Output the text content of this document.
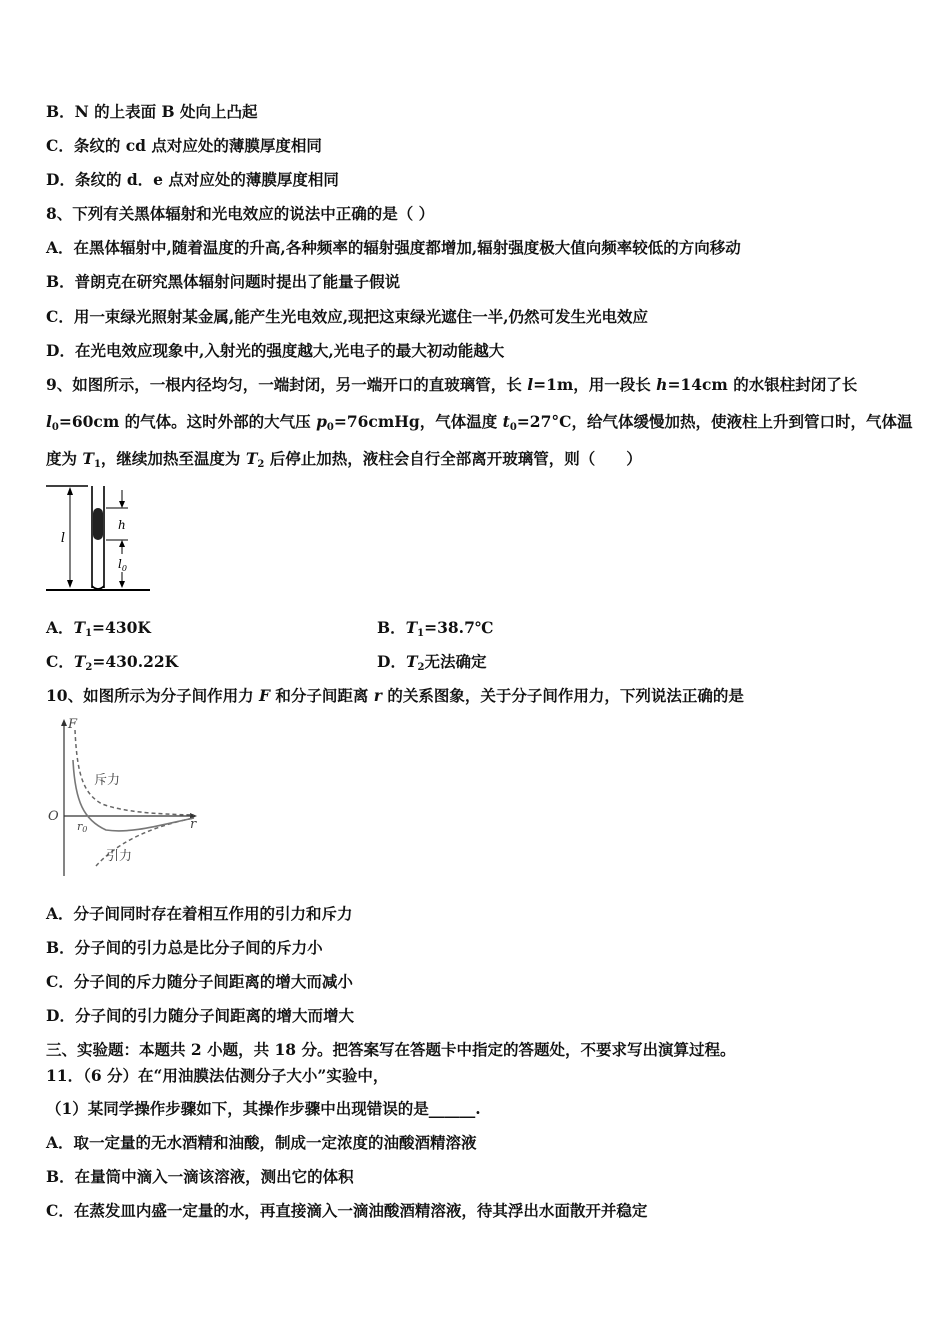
B．N 的上表面 B 处向上凸起
C．条纹的 cd 点对应处的薄膜厚度相同
D．条纹的 d．e 点对应处的薄膜厚度相同
8、下列有关黑体辐射和光电效应的说法中正确的是（ ）
A．在黑体辐射中,随着温度的升高,各种频率的辐射强度都增加,辐射强度极大值向频率较低的方向移动
B．普朗克在研究黑体辐射问题时提出了能量子假说
C．用一束绿光照射某金属,能产生光电效应,现把这束绿光遮住一半,仍然可发生光电效应
D．在光电效应现象中,入射光的强度越大,光电子的最大初动能越大
9、如图所示，一根内径均匀，一端封闭，另一端开口的直玻璃管，长 l=1m，用一段长 h=14cm 的水银柱封闭了长
$l_0=60cm$ 的气体。这时外部的大气压 $p_0=76cmHg$，气体温度 $t_0=27^\circ C$，给气体缓慢加热，使液柱上升到管口时，气体温
度为 $T_1$，继续加热至温度为 $T_2$ 后停止加热，液柱会自行全部离开玻璃管，则（　　）
l
h
$l_0$
A．$T_1=430K$	B．$T_1=38.7℃$
C．$T_2=430.22K$	D．$T_2$无法确定
10、如图所示为分子间作用力 F 和分子间距离 r 的关系图象，关于分子间作用力，下列说法正确的是
F
r
O
r0
斥力
引力
A．分子间同时存在着相互作用的引力和斥力
B．分子间的引力总是比分子间的斥力小
C．分子间的斥力随分子间距离的增大而减小
D．分子间的引力随分子间距离的增大而增大
三、实验题：本题共 2 小题，共 18 分。把答案写在答题卡中指定的答题处，不要求写出演算过程。
11．（6 分）在“用油膜法估测分子大小”实验中，
（1）某同学操作步骤如下，其操作步骤中出现错误的是______.
A．取一定量的无水酒精和油酸，制成一定浓度的油酸酒精溶液
B．在量筒中滴入一滴该溶液，测出它的体积
C．在蒸发皿内盛一定量的水，再直接滴入一滴油酸酒精溶液，待其浮出水面散开并稳定
